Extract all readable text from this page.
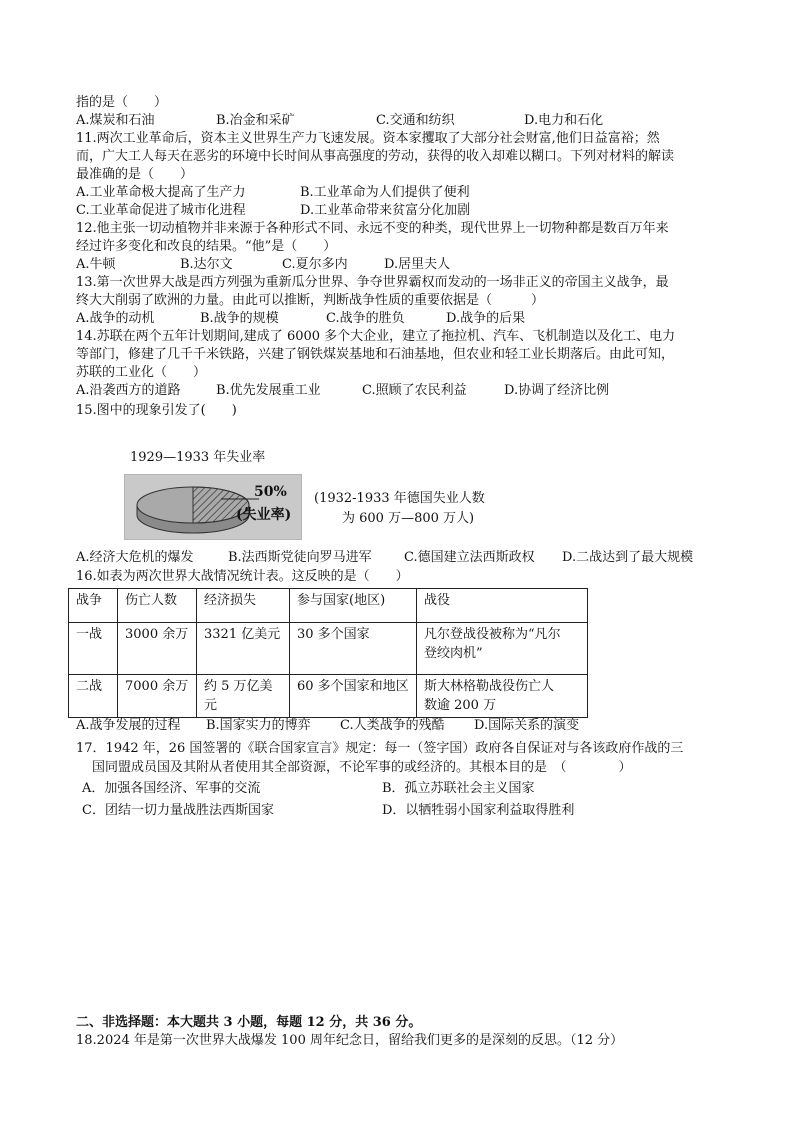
指的是（　　）
A.煤炭和石油	B.冶金和采矿	C.交通和纺织	D.电力和石化
11.两次工业革命后，资本主义世界生产力飞速发展。资本家攫取了大部分社会财富,他们日益富裕；然
而，广大工人每天在恶劣的环境中长时间从事高强度的劳动，获得的收入却难以糊口。下列对材料的解读
最准确的是（　　）
A.工业革命极大提高了生产力	B.工业革命为人们提供了便利
C.工业革命促进了城市化进程	D.工业革命带来贫富分化加剧
12.他主张一切动植物并非来源于各种形式不同、永远不变的种类，现代世界上一切物种都是数百万年来
经过许多变化和改良的结果。“他”是（　　）
A.牛顿	B.达尔文	C.夏尔多内	D.居里夫人
13.第一次世界大战是西方列强为重新瓜分世界、争夺世界霸权而发动的一场非正义的帝国主义战争，最
终大大削弱了欧洲的力量。由此可以推断，判断战争性质的重要依据是（　　　）
A.战争的动机	B.战争的规模	C.战争的胜负	D.战争的后果
14.苏联在两个五年计划期间,建成了 6000 多个大企业，建立了拖拉机、汽车、飞机制造以及化工、电力
等部门，修建了几千千米铁路，兴建了钢铁煤炭基地和石油基地，但农业和轻工业长期落后。由此可知，
苏联的工业化（　　）
A.沿袭西方的道路	B.优先发展重工业	C.照顾了农民利益	D.协调了经济比例
15.图中的现象引发了(　　)
1929—1933 年失业率
50%
(失业率)
(1932-1933 年德国失业人数
为 600 万—800 万人)
A.经济大危机的爆发	B.法西斯党徒向罗马进军 C.德国建立法西斯政权 D.二战达到了最大规模
16.如表为两次世界大战情况统计表。这反映的是（　　）
战争	伤亡人数	经济损失	参与国家(地区)	战役
一战	3000 余万	3321 亿美元	30 多个国家	凡尔登战役被称为“凡尔
登绞肉机”
二战	7000 余万	约 5 万亿美元	60 多个国家和地区	斯大林格勒战役伤亡人
数逾 200 万
A.战争发展的过程 B.国家实力的博弈 C.人类战争的残酷 D.国际关系的演变
17．1942 年，26 国签署的《联合国家宣言》规定：每一（签字国）政府各自保证对与各该政府作战的三
国同盟成员国及其附从者使用其全部资源，不论军事的或经济的。其根本目的是　（　　　　）
A．加强各国经济、军事的交流	B．孤立苏联社会主义国家
C．团结一切力量战胜法西斯国家	D．以牺牲弱小国家利益取得胜利
二、非选择题：本大题共 3 小题，每题 12 分，共 36 分。
18.2024 年是第一次世界大战爆发 100 周年纪念日，留给我们更多的是深刻的反思。（12 分）
